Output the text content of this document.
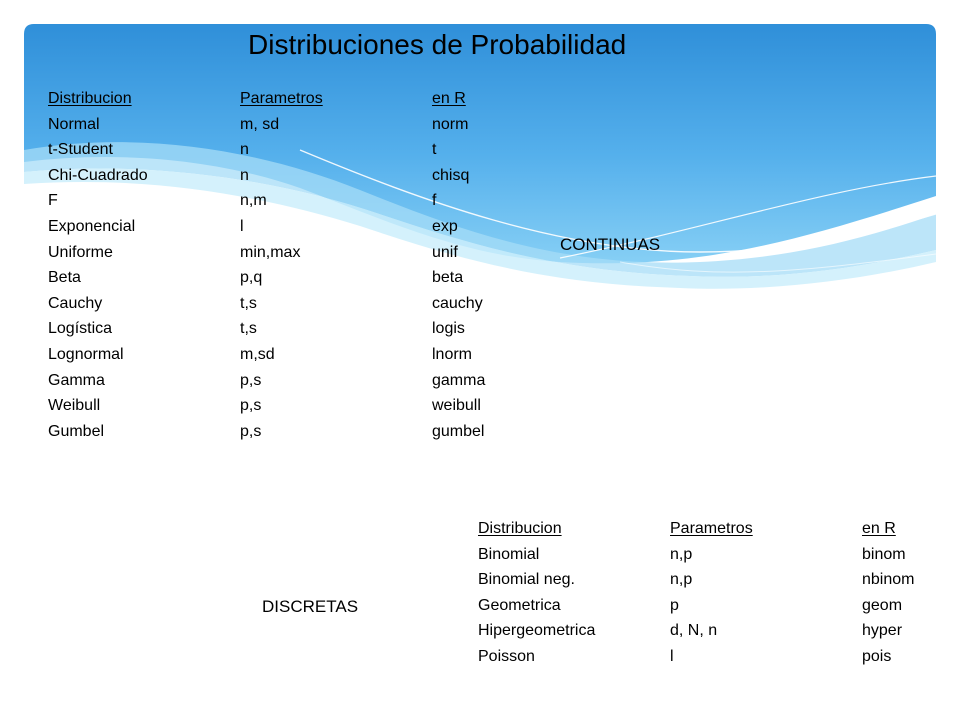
Distribuciones de Probabilidad
CONTINUAS
DISCRETAS
Distribucion	Parametros	en R
Normal	m, sd	norm
t-Student	n	t
Chi-Cuadrado	n	chisq
F	n,m	f
Exponencial	l	exp
Uniforme	min,max	unif
Beta	p,q	beta
Cauchy	t,s	cauchy
Logística	t,s	logis
Lognormal	m,sd	lnorm
Gamma	p,s	gamma
Weibull	p,s	weibull
Gumbel	p,s	gumbel
Distribucion	Parametros	en R
Binomial	n,p	binom
Binomial neg.	n,p	nbinom
Geometrica	p	geom
Hipergeometrica	d, N, n	hyper
Poisson	l	pois
